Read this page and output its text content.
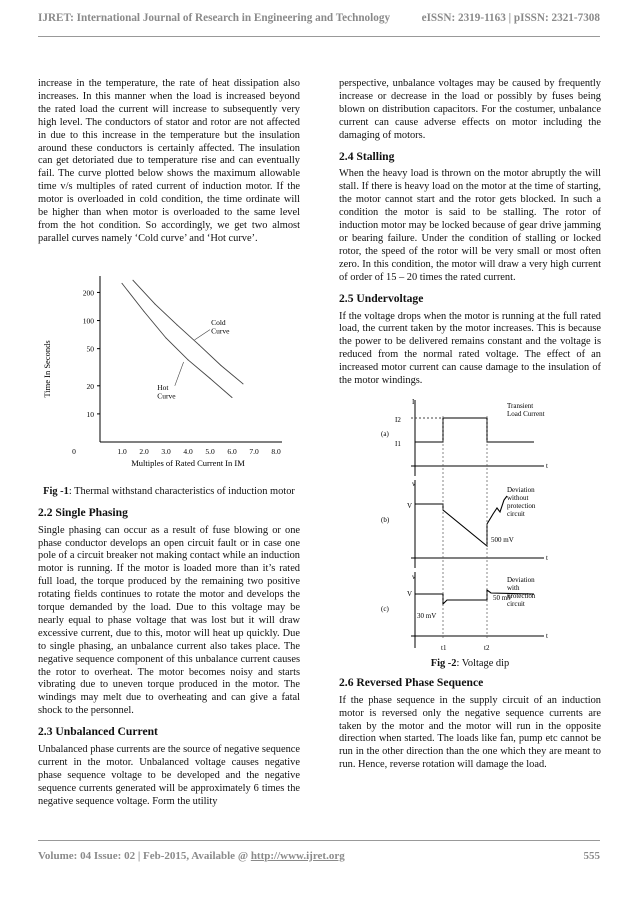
IJRET: International Journal of Research in Engineering and Technology	eISSN: 2319-1163 | pISSN: 2321-7308

increase in the temperature, the rate of heat dissipation also increases. In this manner when the load is increased beyond the rated load the current will increase to subsequently very high level. The conductors of stator and rotor are not affected in due to this increase in the temperature but the insulation around these conductors is certainly affected. The insulation can get detoriated due to temperature rise and can eventually fail. The curve plotted below shows the maximum allowable time v/s multiples of rated current of induction motor. If the motor is overloaded in cold condition, the time ordinate will be higher than when motor is overloaded to the same level from the hot condition. So accordingly, we get two almost parallel curves namely ‘Cold curve’ and ‘Hot curve’.

200
100
50
20
10
0	1.0 2.0 3.0 4.0 5.0 6.0 7.0 8.0
Multiples of Rated Current In IM
Time In Seconds
Cold Curve
Hot Curve
Fig -1: Thermal withstand characteristics of induction motor
2.2 Single Phasing

Single phasing can occur as a result of fuse blowing or one phase conductor develops an open circuit fault or in case one pole of a circuit breaker not making contact while an induction motor is running. If the motor is loaded more than it’s rated full load, the torque produced by the remaining two positive rotating fields continues to rotate the motor and develops the torque demanded by the load. Due to this voltage may be nearly equal to phase voltage that was lost but it will draw excessive current, due to this, motor will heat up quickly. Due to single phasing, an unbalance current also takes place. The negative sequence component of this unbalance current causes the rotor to overheat. The motor becomes noisy and starts vibrating due to uneven torque produced in the motor. The windings may melt due to overheating and can give a fatal shock to the personnel.

2.3 Unbalanced Current

Unbalanced phase currents are the source of negative sequence current in the motor. Unbalanced voltage causes negative phase sequence voltage to be developed and the negative sequence currents generated will be approximately 6 times the negative sequence voltage. Form the utility

perspective, unbalance voltages may be caused by frequently increase or decrease in the load or possibly by fuses being blown on distribution capacitors. For the costumer, unbalance current can cause adverse effects on motor including the damaging of motors.

2.4 Stalling

When the heavy load is thrown on the motor abruptly the will stall. If there is heavy load on the motor at the time of starting, the motor cannot start and the rotor gets blocked. In such a condition the motor is said to be stalling. The rotor of induction motor may be locked because of gear drive jamming or bearing failure. Under the condition of stalling or locked rotor, the speed of the rotor will be very small or most often zero. In this condition, the motor will draw a very high current of order of 15 – 20 times the rated current.

2.5 Undervoltage

If the voltage drops when the motor is running at the full rated load, the current taken by the motor increases. This is because the power to be delivered remains constant and the voltage is reduced from the normal rated voltage. The effect of an increased motor current can cause damage to the insulation of the motor windings.

I
I2
I1
(a)
Transient Load Current
t
v
V
(b)
500 mV
Deviation without protection circuit
t
v
V
(c)
30 mV
50 mV
Deviation with protection circuit
t
t1	t2
Fig -2: Voltage dip
2.6 Reversed Phase Sequence

If the phase sequence in the supply circuit of an induction motor is reversed only the negative sequence currents are taken by the motor and the motor will run in the opposite direction when started. The loads like fan, pump etc cannot be run in the other direction than the one which they are meant to run. Hence, reverse rotation will damage the load.

Volume: 04 Issue: 02 | Feb-2015, Available @ http://www.ijret.org	555
